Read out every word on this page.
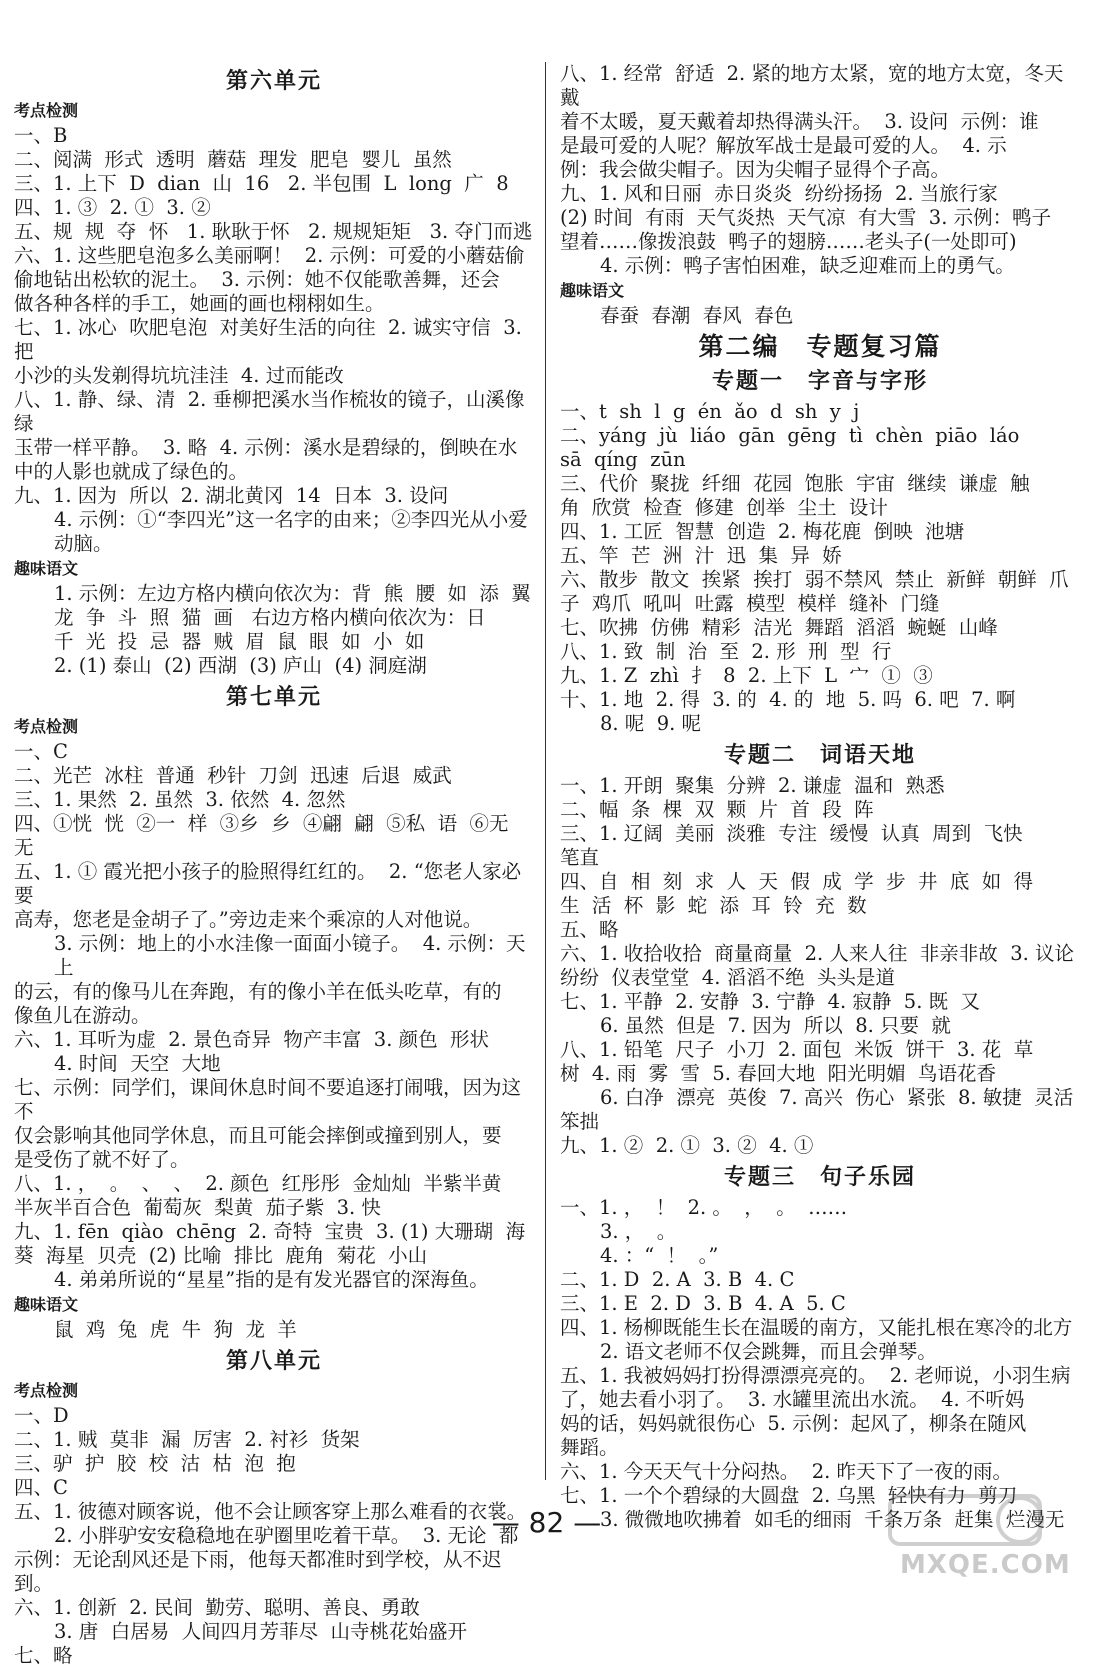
第六单元
考点检测
一、B
二、阅满  形式  透明  蘑菇  理发  肥皂  婴儿  虽然
三、1. 上下  D  dian  山  16   2. 半包围  L  long  广  8
四、1. ③  2. ①  3. ②
五、规  规  夺  怀   1. 耿耿于怀   2. 规规矩矩   3. 夺门而逃
六、1. 这些肥皂泡多么美丽啊！  2. 示例：可爱的小蘑菇偷
偷地钻出松软的泥土。  3. 示例：她不仅能歌善舞，还会
做各种各样的手工，她画的画也栩栩如生。
七、1. 冰心  吹肥皂泡  对美好生活的向往  2. 诚实守信  3. 把
小沙的头发剃得坑坑洼洼  4. 过而能改
八、1. 静、绿、清  2. 垂柳把溪水当作梳妆的镜子，山溪像绿
玉带一样平静。  3. 略  4. 示例：溪水是碧绿的，倒映在水
中的人影也就成了绿色的。
九、1. 因为  所以  2. 湖北黄冈  14  日本  3. 设问
4. 示例：①“李四光”这一名字的由来；②李四光从小爱动脑。
趣味语文
1. 示例：左边方格内横向依次为：背  熊  腰  如  添  翼
龙  争  斗  照  猫  画   右边方格内横向依次为：日
千  光  投  忌  器  贼  眉  鼠  眼  如  小  如
2. (1) 泰山  (2) 西湖  (3) 庐山  (4) 洞庭湖
第七单元
考点检测
一、C
二、光芒  冰柱  普通  秒针  刀剑  迅速  后退  威武
三、1. 果然  2. 虽然  3. 依然  4. 忽然
四、①恍  恍  ②一  样  ③乡  乡  ④翩  翩  ⑤私  语  ⑥无  无
五、1. ① 霞光把小孩子的脸照得红红的。  2. “您老人家必要
高寿，您老是金胡子了。”旁边走来个乘凉的人对他说。
3. 示例：地上的小水洼像一面面小镜子。  4. 示例：天上
的云，有的像马儿在奔跑，有的像小羊在低头吃草，有的
像鱼儿在游动。
六、1. 耳听为虚  2. 景色奇异  物产丰富  3. 颜色  形状
4. 时间  天空  大地
七、示例：同学们，课间休息时间不要追逐打闹哦，因为这不
仅会影响其他同学休息，而且可能会摔倒或撞到别人，要
是受伤了就不好了。
八、1. ，  。  、  、  2. 颜色  红彤彤  金灿灿  半紫半黄
半灰半百合色  葡萄灰  梨黄  茄子紫  3. 快
九、1. fēn  qiào  chēng  2. 奇特  宝贵  3. (1) 大珊瑚  海
葵  海星  贝壳  (2) 比喻  排比  鹿角  菊花  小山
4. 弟弟所说的“星星”指的是有发光器官的深海鱼。
趣味语文
鼠  鸡  兔  虎  牛  狗  龙  羊
第八单元
考点检测
一、D
二、1. 贼  莫非  漏  厉害  2. 衬衫  货架
三、驴  护  胶  校  沽  枯  泡  抱
四、C
五、1. 彼德对顾客说，他不会让顾客穿上那么难看的衣裳。
2. 小胖驴安安稳稳地在驴圈里吃着干草。  3. 无论  都
示例：无论刮风还是下雨，他每天都准时到学校，从不迟到。
六、1. 创新  2. 民间  勤劳、聪明、善良、勇敢
3. 唐  白居易  人间四月芳菲尽  山寺桃花始盛开
七、略
八、1. 经常  舒适  2. 紧的地方太紧，宽的地方太宽，冬天戴
着不太暖，夏天戴着却热得满头汗。  3. 设问  示例：谁
是最可爱的人呢？解放军战士是最可爱的人。  4. 示
例：我会做尖帽子。因为尖帽子显得个子高。
九、1. 风和日丽  赤日炎炎  纷纷扬扬  2. 当旅行家
(2) 时间  有雨  天气炎热  天气凉  有大雪  3. 示例：鸭子
望着……像拨浪鼓  鸭子的翅膀……老头子(一处即可)
4. 示例：鸭子害怕困难，缺乏迎难而上的勇气。
趣味语文
春蚕  春潮  春风  春色
第二编　专题复习篇
专题一　字音与字形
一、t  sh  l  g  én  ǎo  d  sh  y  j
二、yáng  jù  liáo  gān  gēng  tì  chèn  piāo  láo
sā  qíng  zūn
三、代价  聚拢  纤细  花园  饱胀  宇宙  继续  谦虚  触
角  欣赏  检查  修建  创举  尘土  设计
四、1. 工匠  智慧  创造  2. 梅花鹿  倒映  池塘
五、竿  芒  洲  汁  迅  集  异  娇
六、散步  散文  挨紧  挨打  弱不禁风  禁止  新鲜  朝鲜  爪
子  鸡爪  吼叫  吐露  模型  模样  缝补  门缝
七、吹拂  仿佛  精彩  洁光  舞蹈  滔滔  蜿蜒  山峰
八、1. 致  制  治  至  2. 形  刑  型  行
九、1. Z  zhì  扌  8  2. 上下  L  宀  ①  ③
十、1. 地  2. 得  3. 的  4. 的  地  5. 吗  6. 吧  7. 啊
8. 呢  9. 呢
专题二　词语天地
一、1. 开朗  聚集  分辨  2. 谦虚  温和  熟悉
二、幅  条  棵  双  颗  片  首  段  阵
三、1. 辽阔  美丽  淡雅  专注  缓慢  认真  周到  飞快
笔直
四、自  相  刻  求  人  天  假  成  学  步  井  底  如  得
生  活  杯  影  蛇  添  耳  铃  充  数
五、略
六、1. 收拾收拾  商量商量  2. 人来人往  非亲非故  3. 议论
纷纷  仪表堂堂  4. 滔滔不绝  头头是道
七、1. 平静  2. 安静  3. 宁静  4. 寂静  5. 既  又
6. 虽然  但是  7. 因为  所以  8. 只要  就
八、1. 铅笔  尺子  小刀  2. 面包  米饭  饼干  3. 花  草
树  4. 雨  雾  雪  5. 春回大地  阳光明媚  鸟语花香
6. 白净  漂亮  英俊  7. 高兴  伤心  紧张  8. 敏捷  灵活
笨拙
九、1. ②  2. ①  3. ②  4. ①
专题三　句子乐园
一、1. ，  ！  2. 。  ，  。  ……
3. ，  。
4. ：“  ！  。”
二、1. D  2. A  3. B  4. C
三、1. E  2. D  3. B  4. A  5. C
四、1. 杨柳既能生长在温暖的南方，又能扎根在寒冷的北方
2. 语文老师不仅会跳舞，而且会弹琴。
五、1. 我被妈妈打扮得漂漂亮亮的。  2. 老师说，小羽生病
了，她去看小羽了。  3. 水罐里流出水流。  4. 不听妈
妈的话，妈妈就很伤心  5. 示例：起风了，柳条在随风
舞蹈。
六、1. 今天天气十分闷热。  2. 昨天下了一夜的雨。
七、1. 一个个碧绿的大圆盘  2. 乌黑  轻快有力  剪刀
3. 微微地吹拂着  如毛的细雨  千条万条  赶集  烂漫无
— 82 —
MXQE.COM
